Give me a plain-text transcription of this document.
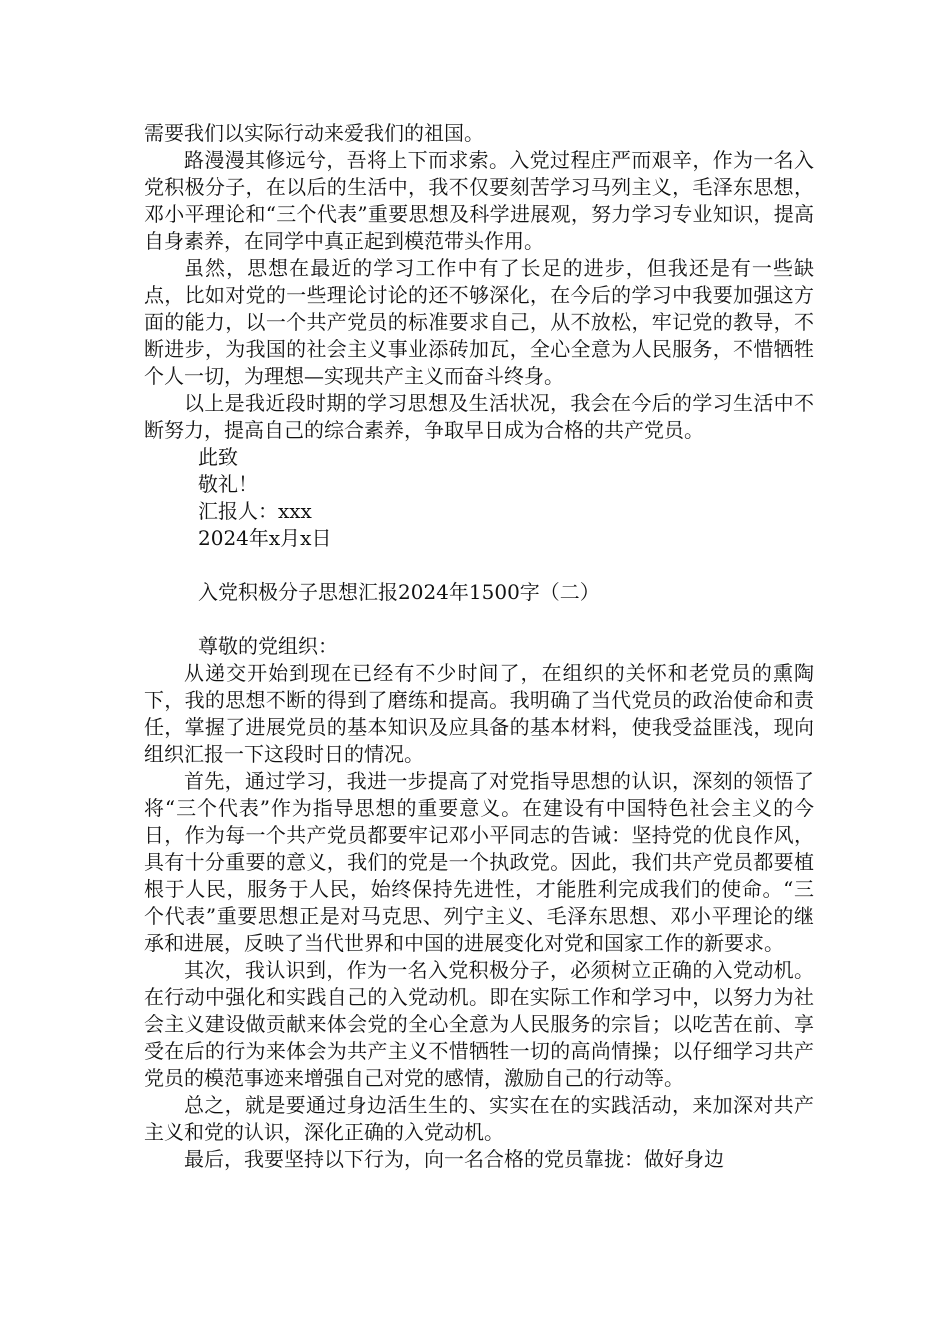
需要我们以实际行动来爱我们的祖国。

路漫漫其修远兮，吾将上下而求索。入党过程庄严而艰辛，作为一名入党积极分子，在以后的生活中，我不仅要刻苦学习马列主义，毛泽东思想，邓小平理论和“三个代表”重要思想及科学进展观，努力学习专业知识，提高自身素养，在同学中真正起到模范带头作用。

虽然，思想在最近的学习工作中有了长足的进步，但我还是有一些缺点，比如对党的一些理论讨论的还不够深化，在今后的学习中我要加强这方面的能力，以一个共产党员的标准要求自己，从不放松，牢记党的教导，不断进步，为我国的社会主义事业添砖加瓦，全心全意为人民服务，不惜牺牲个人一切，为理想—实现共产主义而奋斗终身。

以上是我近段时期的学习思想及生活状况，我会在今后的学习生活中不断努力，提高自己的综合素养，争取早日成为合格的共产党员。

此致

敬礼！

汇报人：xxx

2024年x月x日

入党积极分子思想汇报2024年1500字（二）

尊敬的党组织：

从递交开始到现在已经有不少时间了，在组织的关怀和老党员的熏陶下，我的思想不断的得到了磨练和提高。我明确了当代党员的政治使命和责任，掌握了进展党员的基本知识及应具备的基本材料，使我受益匪浅，现向组织汇报一下这段时日的情况。

首先，通过学习，我进一步提高了对党指导思想的认识，深刻的领悟了将“三个代表”作为指导思想的重要意义。在建设有中国特色社会主义的今日，作为每一个共产党员都要牢记邓小平同志的告诫：坚持党的优良作风，具有十分重要的意义，我们的党是一个执政党。因此，我们共产党员都要植根于人民，服务于人民，始终保持先进性，才能胜利完成我们的使命。“三个代表”重要思想正是对马克思、列宁主义、毛泽东思想、邓小平理论的继承和进展，反映了当代世界和中国的进展变化对党和国家工作的新要求。

其次，我认识到，作为一名入党积极分子，必须树立正确的入党动机。在行动中强化和实践自己的入党动机。即在实际工作和学习中，以努力为社会主义建设做贡献来体会党的全心全意为人民服务的宗旨；以吃苦在前、享受在后的行为来体会为共产主义不惜牺牲一切的高尚情操；以仔细学习共产党员的模范事迹来增强自己对党的感情，激励自己的行动等。

总之，就是要通过身边活生生的、实实在在的实践活动，来加深对共产主义和党的认识，深化正确的入党动机。

最后，我要坚持以下行为，向一名合格的党员靠拢：做好身边
